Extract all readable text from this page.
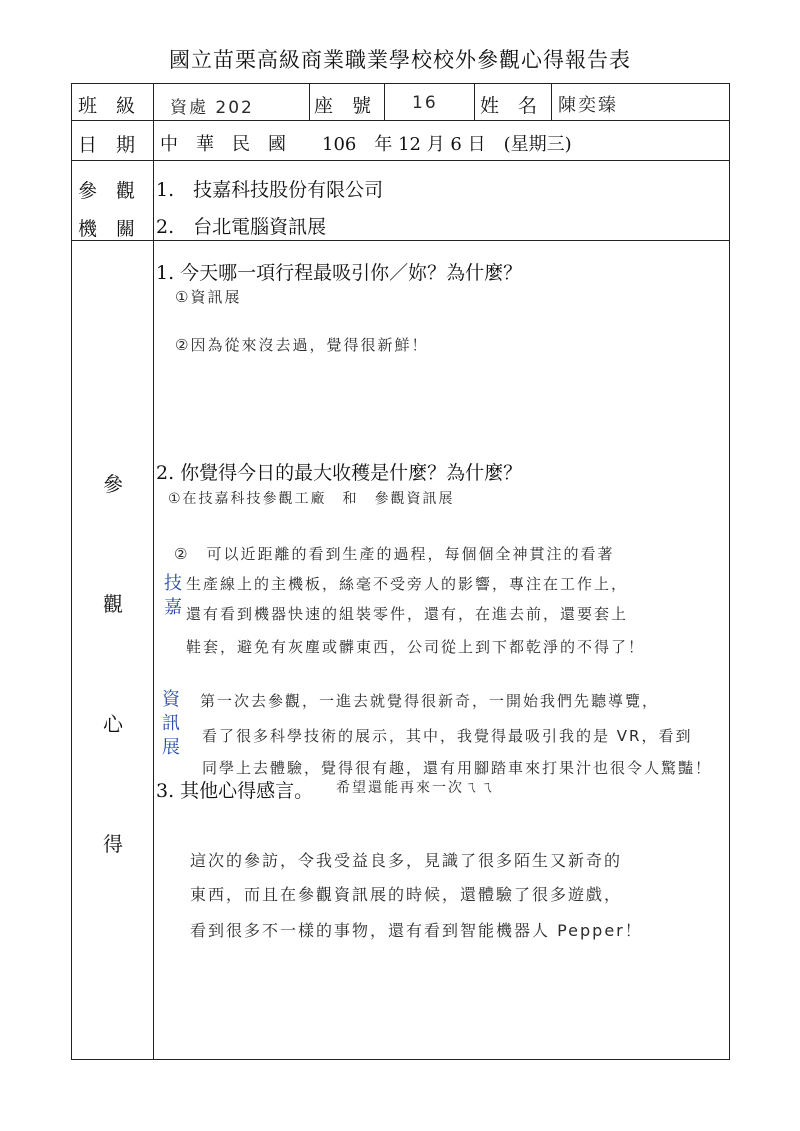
國立苗栗高級商業職業學校校外參觀心得報告表
班　級 資處 202	座　號 16 姓　名 陳奕臻
日　期 中　華　民　國　　106　年 12 月 6 日　(星期三)
參　觀
機　關
1.　技嘉科技股份有限公司
2.　台北電腦資訊展
參
觀
心
得
1. 今天哪一項行程最吸引你／妳？為什麼？
①資訊展
②因為從來沒去過，覺得很新鮮！
2. 你覺得今日的最大收穫是什麼？為什麼？
①在技嘉科技參觀工廠　和　參觀資訊展
②　可以近距離的看到生產的過程，每個個全神貫注的看著
生產線上的主機板，絲毫不受旁人的影響，專注在工作上，
還有看到機器快速的組裝零件，還有，在進去前，還要套上
鞋套，避免有灰塵或髒東西，公司從上到下都乾淨的不得了！
技嘉
第一次去參觀，一進去就覺得很新奇，一開始我們先聽導覽，
看了很多科學技術的展示，其中，我覺得最吸引我的是 VR，看到
同學上去體驗，覺得很有趣，還有用腳踏車來打果汁也很令人驚豔！
資訊展
3. 其他心得感言。 希望還能再來一次ㄟㄟ
這次的參訪，令我受益良多，見識了很多陌生又新奇的
東西，而且在參觀資訊展的時候，還體驗了很多遊戲，
看到很多不一樣的事物，還有看到智能機器人 Pepper！
